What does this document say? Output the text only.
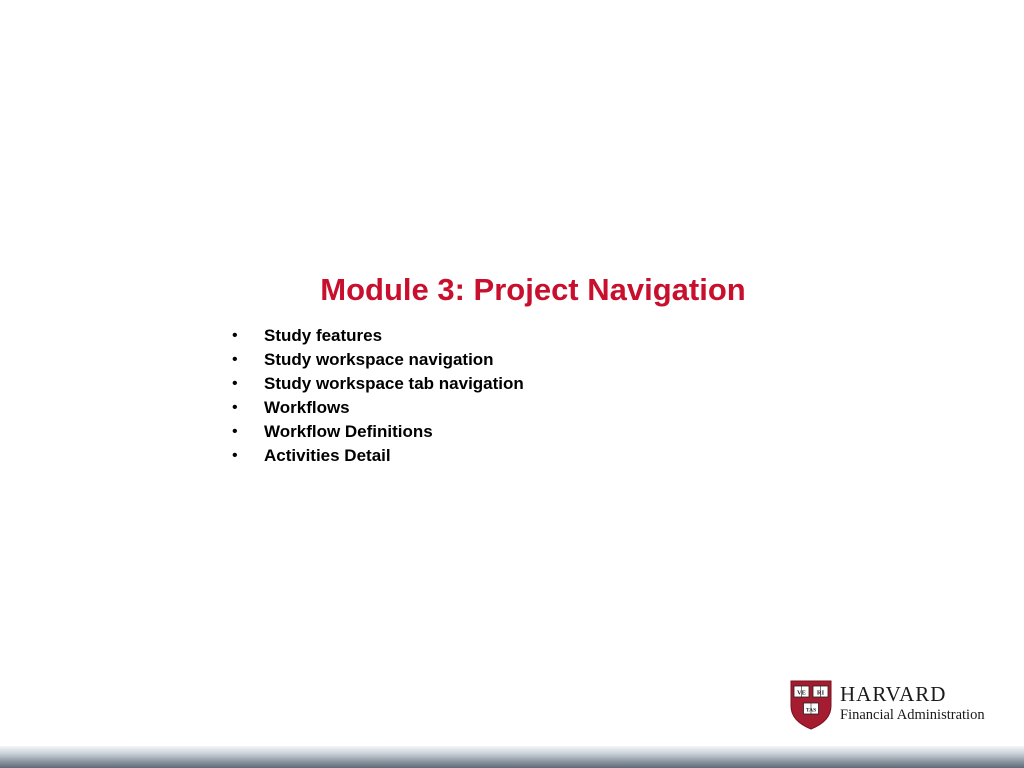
Module 3: Project Navigation
• Study features
• Study workspace navigation
• Study workspace tab navigation
• Workflows
• Workflow Definitions
• Activities Detail
VE RI
TAS
HARVARD
Financial Administration
